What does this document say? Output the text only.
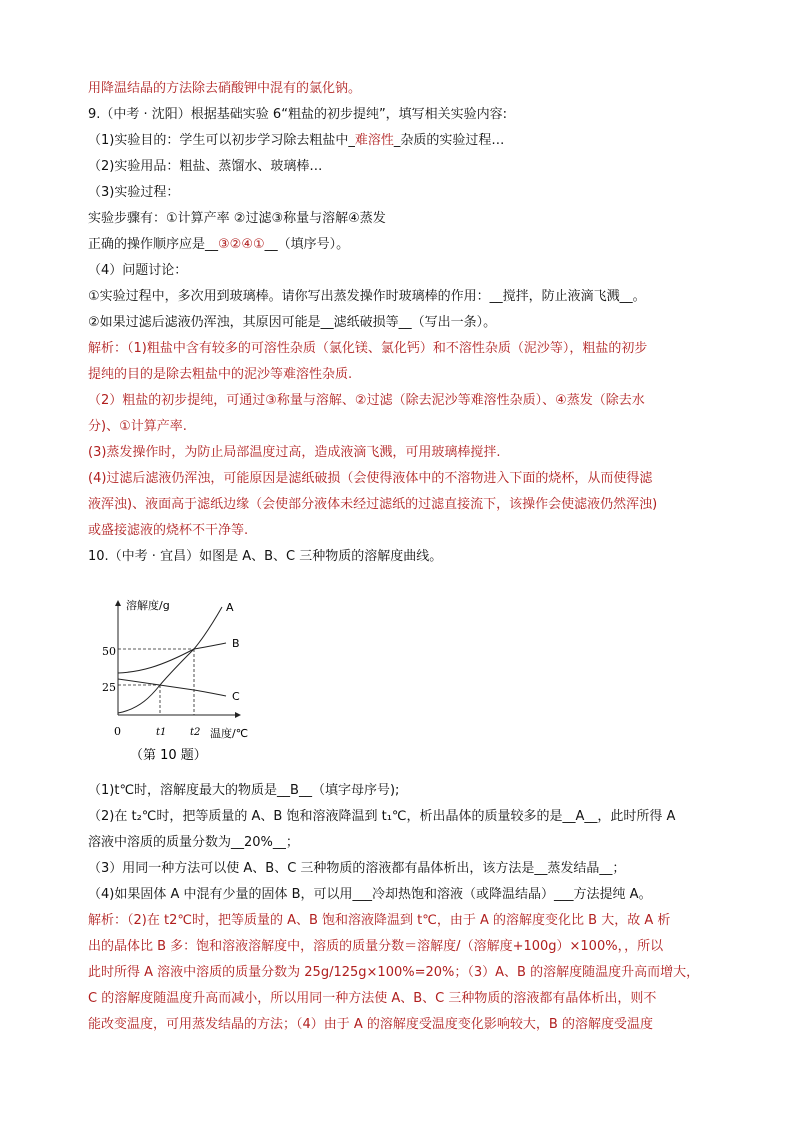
用降温结晶的方法除去硝酸钾中混有的氯化钠。
9.（中考 · 沈阳）根据基础实验 6“粗盐的初步提纯”，填写相关实验内容:
（1)实验目的：学生可以初步学习除去粗盐中_难溶性_杂质的实验过程…
（2)实验用品：粗盐、蒸馏水、玻璃棒…
（3)实验过程：
实验步骤有：①计算产率 ②过滤③称量与溶解④蒸发
正确的操作顺序应是__③②④①__（填序号）。
（4）问题讨论：
①实验过程中，多次用到玻璃棒。请你写出蒸发操作时玻璃棒的作用：__搅拌，防止液滴飞溅__。
②如果过滤后滤液仍浑浊，其原因可能是__滤纸破损等__（写出一条）。
解析：（1)粗盐中含有较多的可溶性杂质（氯化镁、氯化钙）和不溶性杂质（泥沙等），粗盐的初步
提纯的目的是除去粗盐中的泥沙等难溶性杂质.
（2）粗盐的初步提纯，可通过③称量与溶解、②过滤（除去泥沙等难溶性杂质）、④蒸发（除去水
分)、①计算产率.
(3)蒸发操作时，为防止局部温度过高，造成液滴飞溅，可用玻璃棒搅拌.
(4)过滤后滤液仍浑浊，可能原因是滤纸破损（会使得液体中的不溶物进入下面的烧杯，从而使得滤
液浑浊)、液面高于滤纸边缘（会使部分液体未经过滤纸的过滤直接流下，该操作会使滤液仍然浑浊)
或盛接滤液的烧杯不干净等.
10.（中考 · 宜昌）如图是 A、B、C 三种物质的溶解度曲线。
（1)t℃时，溶解度最大的物质是__B__（填字母序号);
（2)在 t₂℃时，把等质量的 A、B 饱和溶液降温到 t₁℃，析出晶体的质量较多的是__A__，此时所得 A
溶液中溶质的质量分数为__20%__；
（3）用同一种方法可以使 A、B、C 三种物质的溶液都有晶体析出，该方法是__蒸发结晶__；
（4)如果固体 A 中混有少量的固体 B，可以用___冷却热饱和溶液（或降温结晶）___方法提纯 A。
解析：（2)在 t2℃时，把等质量的 A、B 饱和溶液降温到 t℃，由于 A 的溶解度变化比 B 大，故 A 析
出的晶体比 B 多：饱和溶液溶解度中，溶质的质量分数＝溶解度/（溶解度+100g）×100%，，所以
此时所得 A 溶液中溶质的质量分数为 25g/125g×100%=20%；（3）A、B 的溶解度随温度升高而增大，
C 的溶解度随温度升高而减小，所以用同一种方法使 A、B、C 三种物质的溶液都有晶体析出，则不
能改变温度，可用蒸发结晶的方法；（4）由于 A 的溶解度受温度变化影响较大，B 的溶解度受温度
溶解度/g
温度/℃
0
50
25
t1 t2
A
B
C
（第 10 题）
